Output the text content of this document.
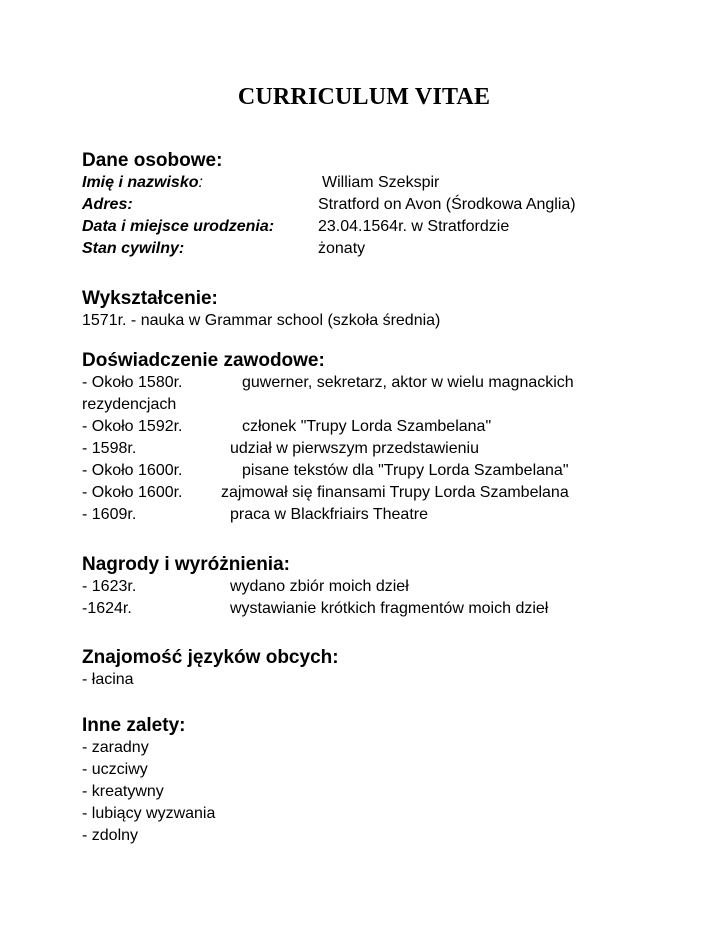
CURRICULUM VITAE
Dane osobowe:
Imię i nazwisko:	William Szekspir
Adres:	Stratford on Avon (Środkowa Anglia)
Data i miejsce urodzenia:	23.04.1564r. w Stratfordzie
Stan cywilny:	żonaty
Wykształcenie:
1571r. - nauka w Grammar school (szkoła średnia)
Doświadczenie zawodowe:
- Około 1580r.	guwerner, sekretarz, aktor w wielu magnackich
rezydencjach
- Około 1592r.	członek "Trupy Lorda Szambelana"
- 1598r.	udział w pierwszym przedstawieniu
- Około 1600r.	pisane tekstów dla "Trupy Lorda Szambelana"
- Około 1600r. zajmował się finansami Trupy Lorda Szambelana
- 1609r.	praca w Blackfriairs Theatre
Nagrody i wyróżnienia:
- 1623r.	wydano zbiór moich dzieł
-1624r.	wystawianie krótkich fragmentów moich dzieł
Znajomość języków obcych:
- łacina
Inne zalety:
- zaradny
- uczciwy
- kreatywny
- lubiący wyzwania
- zdolny
